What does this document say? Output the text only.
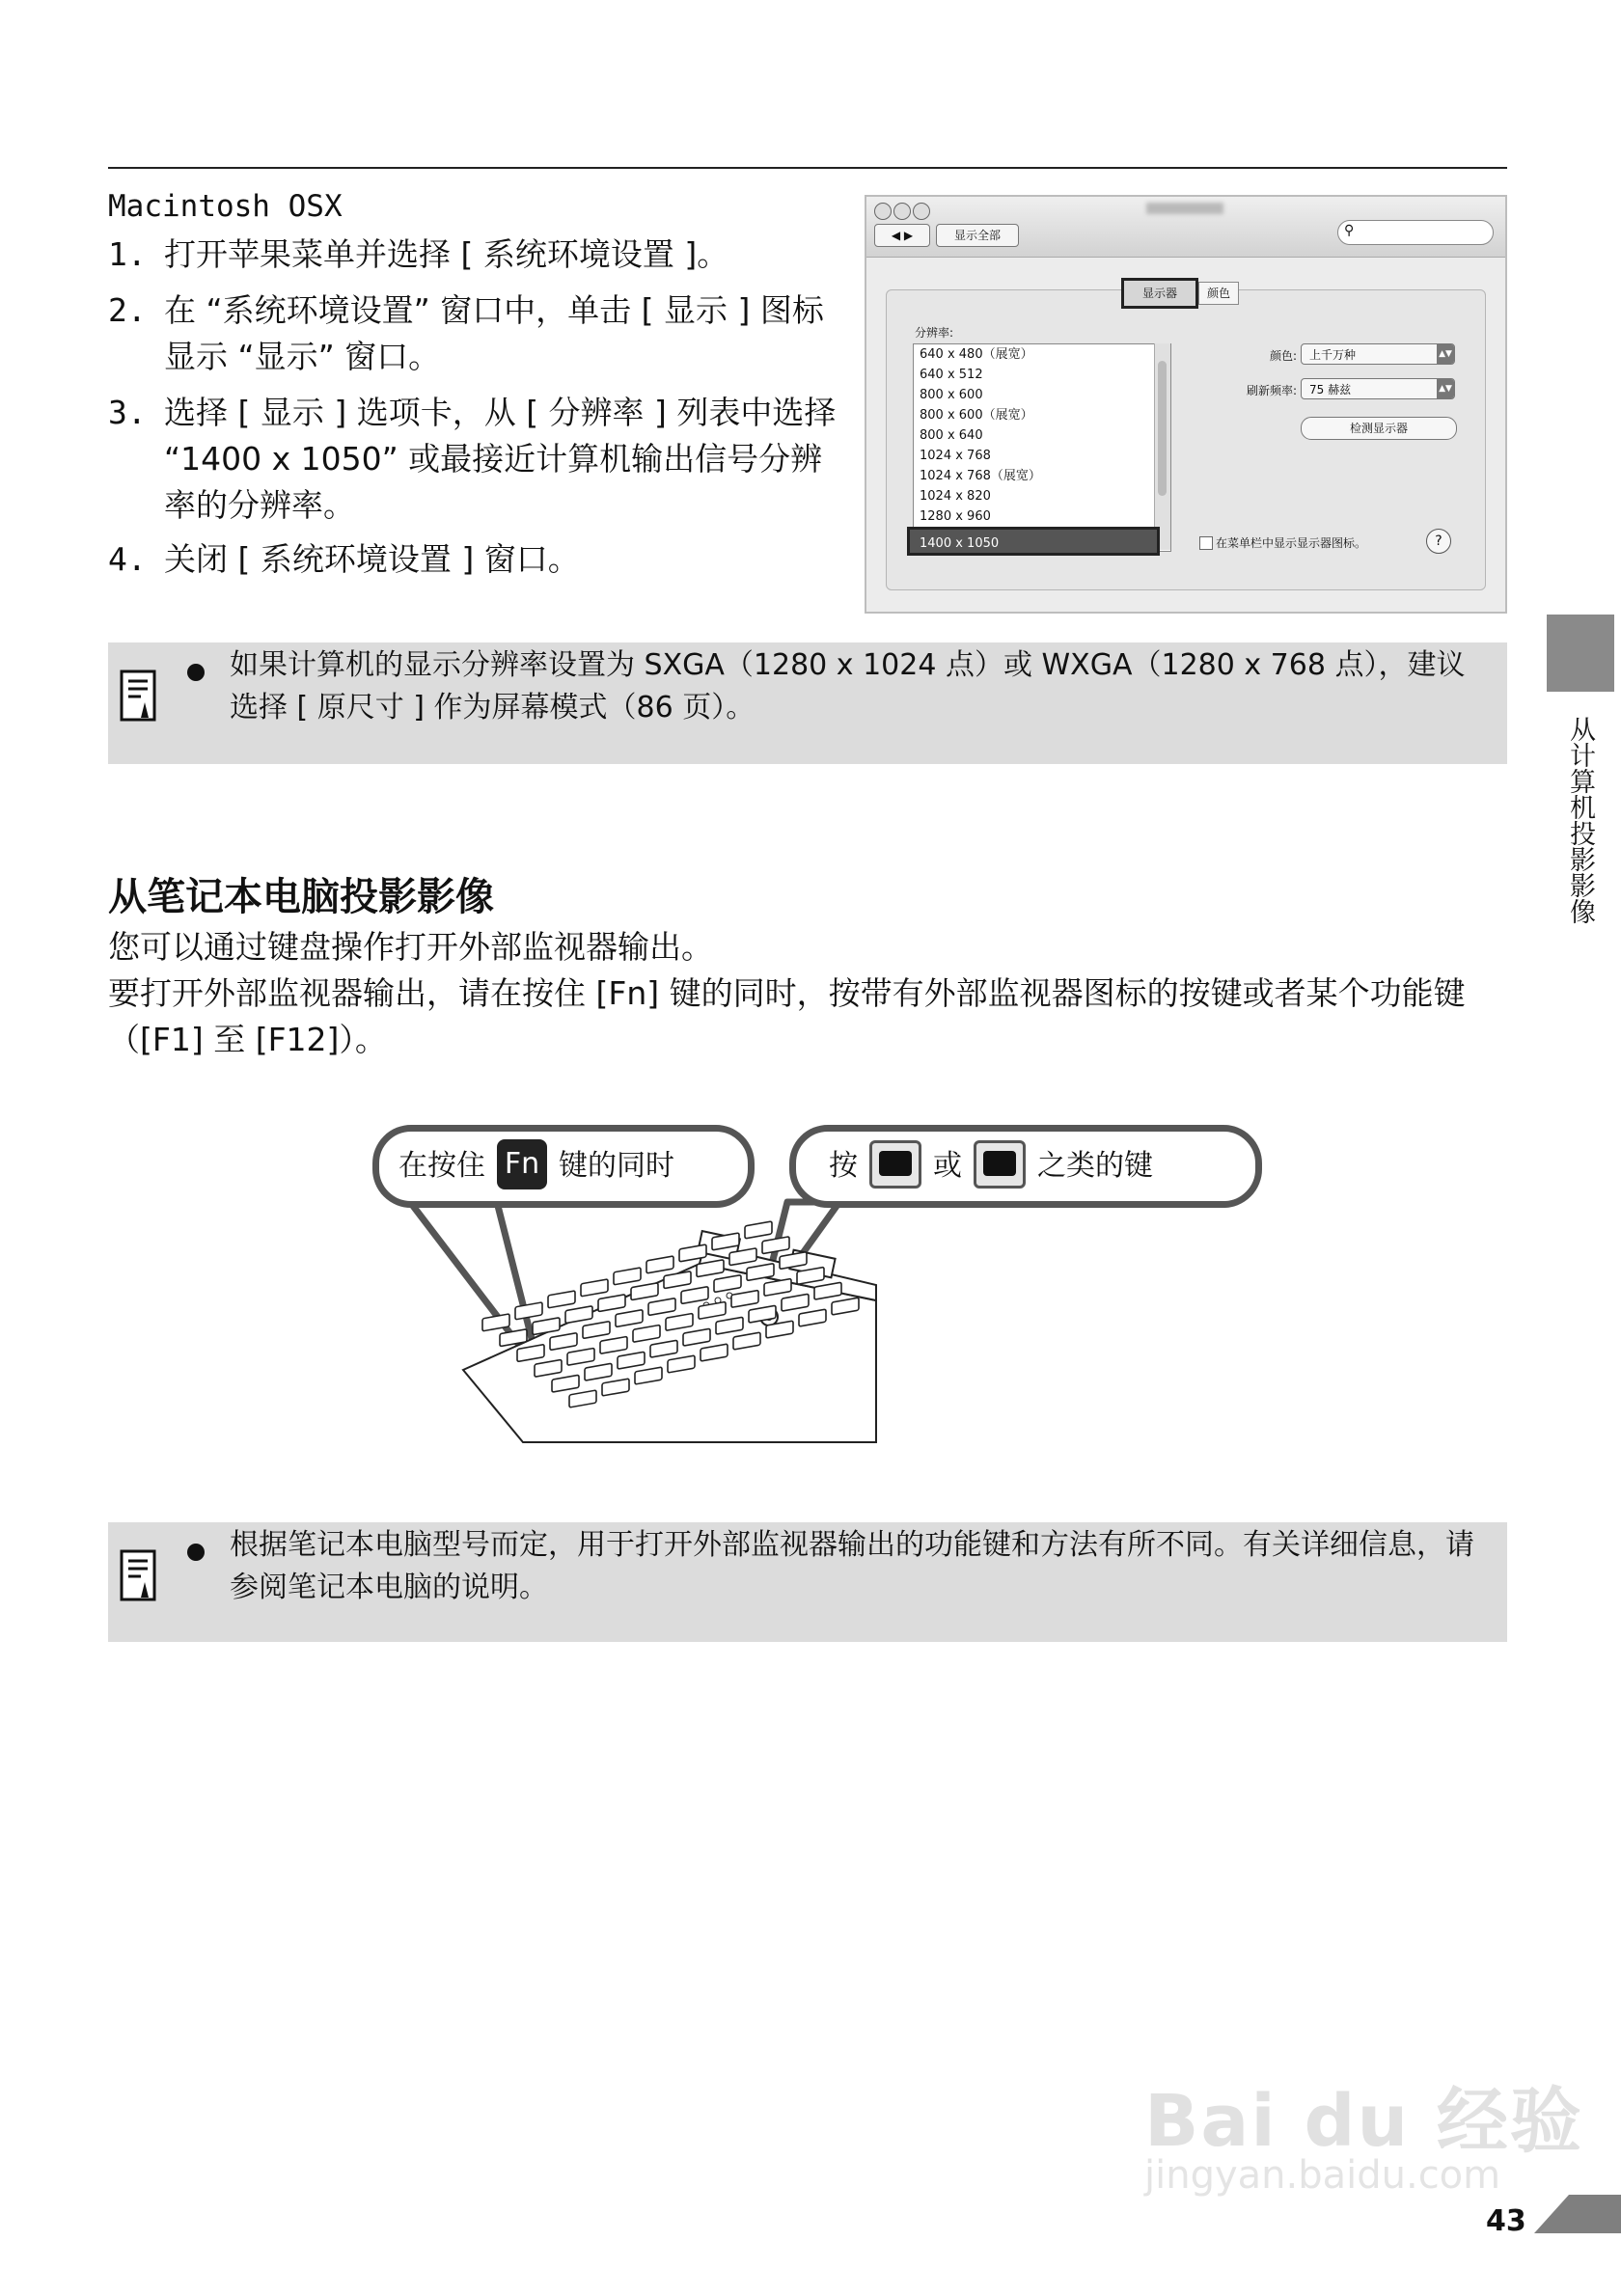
Macintosh OSX
1. 打开苹果菜单并选择 [ 系统环境设置 ]。
2. 在 “系统环境设置” 窗口中，单击 [ 显示 ] 图标显示 “显示” 窗口。
3. 选择 [ 显示 ] 选项卡，从 [ 分辨率 ] 列表中选择 “1400 x 1050” 或最接近计算机输出信号分辨率的分辨率。
4. 关闭 [ 系统环境设置 ] 窗口。
◀ ▶	显示全部	⚲
显示器	颜色
分辨率:
640 x 480（展宽）
640 x 512
800 x 600
800 x 600（展宽）
800 x 640
1024 x 768
1024 x 768（展宽）
1024 x 820
1280 x 960
1400 x 1050
颜色:	上千万种	▲▼
刷新频率:	75 赫兹	▲▼
检测显示器
在菜单栏中显示显示器图标。	?
如果计算机的显示分辨率设置为 SXGA（1280 x 1024 点）或 WXGA（1280 x 768 点），建议选择 [ 原尺寸 ] 作为屏幕模式（86 页）。
从计算机投影影像
从笔记本电脑投影影像
您可以通过键盘操作打开外部监视器输出。
要打开外部监视器输出，请在按住 [Fn] 键的同时，按带有外部监视器图标的按键或者某个功能键 （[F1] 至 [F12]）。
在按住 Fn 键的同时	按	或	之类的键
根据笔记本电脑型号而定，用于打开外部监视器输出的功能键和方法有所不同。有关详细信息，请参阅笔记本电脑的说明。
Bai du 经验
jingyan.baidu.com
43
